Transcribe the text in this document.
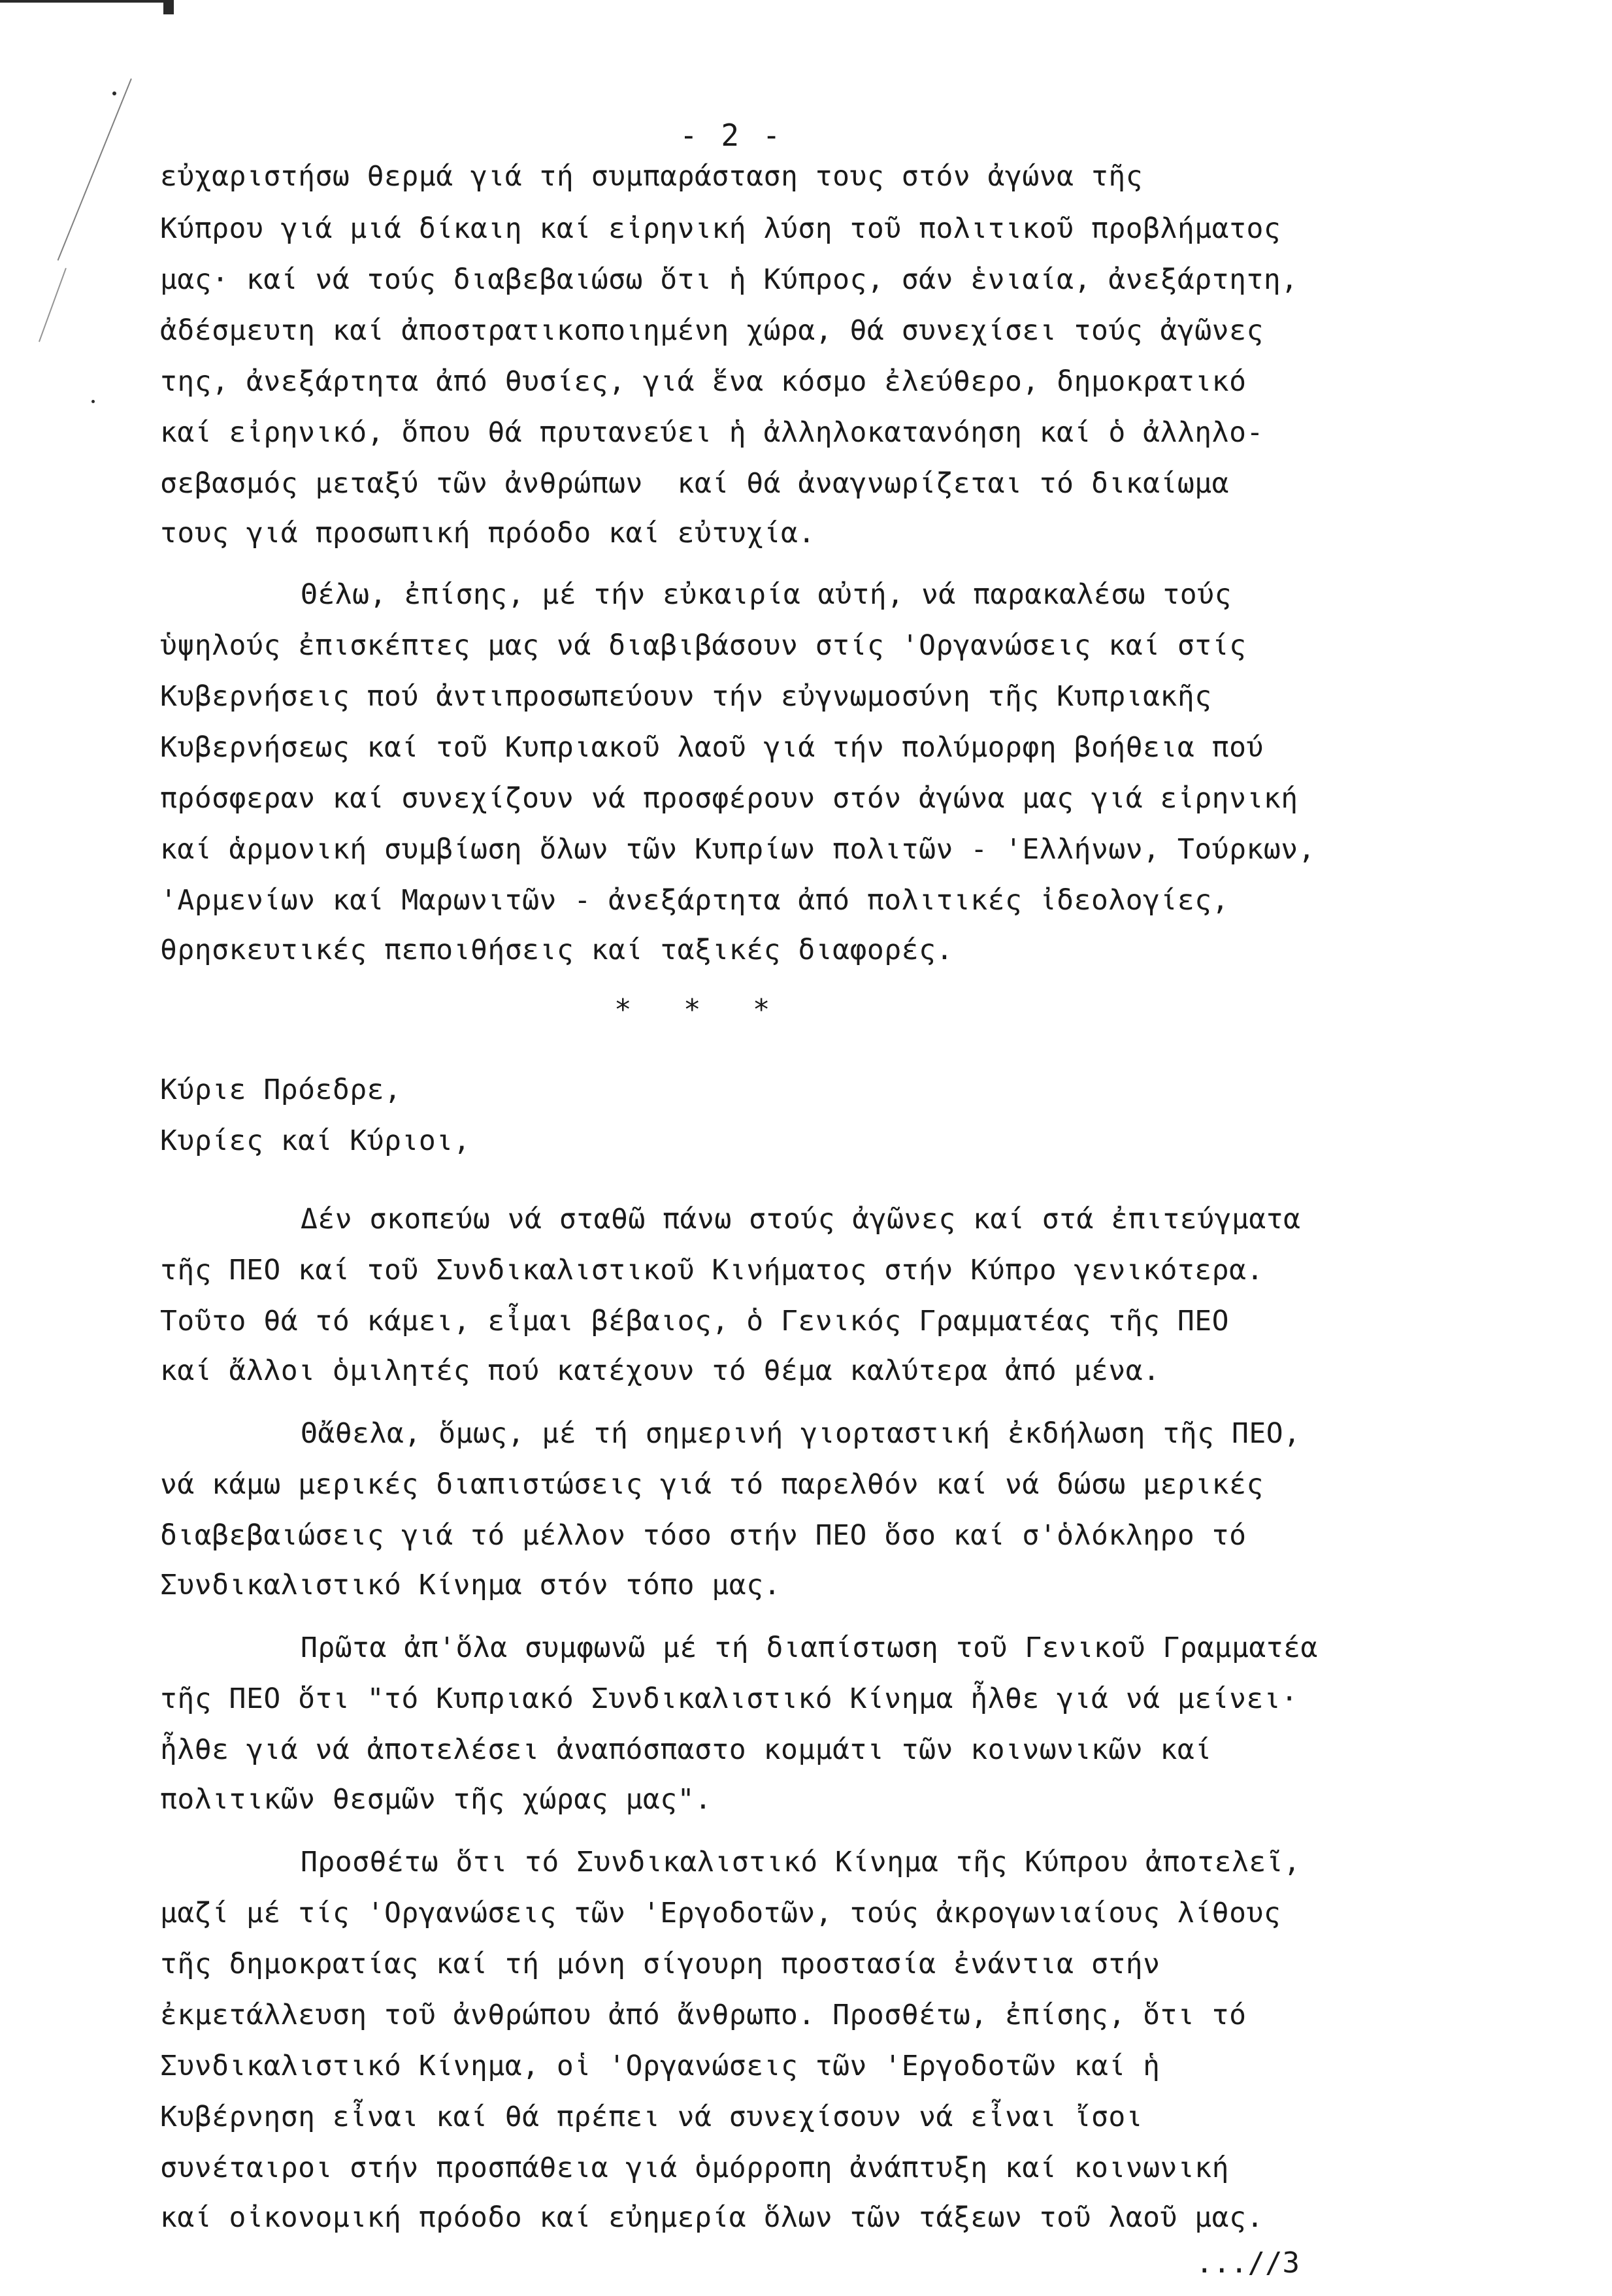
- 2 -
εὐχαριστήσω θερμά γιά τή συμπαράσταση τους στόν ἀγώνα τῆς
Κύπρου γιά μιά δίκαιη καί εἰρηνική λύση τοῦ πολιτικοῦ προβλήματος
μας· καί νά τούς διαβεβαιώσω ὅτι ἡ Κύπρος, σάν ἑνιαία, ἀνεξάρτητη,
ἀδέσμευτη καί ἀποστρατικοποιημένη χώρα, θά συνεχίσει τούς ἀγῶνες
της, ἀνεξάρτητα ἀπό θυσίες, γιά ἕνα κόσμο ἐλεύθερο, δημοκρατικό
καί εἰρηνικό, ὅπου θά πρυτανεύει ἡ ἀλληλοκατανόηση καί ὁ ἀλληλο-
σεβασμός μεταξύ τῶν ἀνθρώπων  καί θά ἀναγνωρίζεται τό δικαίωμα
τους γιά προσωπική πρόοδο καί εὐτυχία.
Θέλω, ἐπίσης, μέ τήν εὐκαιρία αὐτή, νά παρακαλέσω τούς
ὑψηλούς ἐπισκέπτες μας νά διαβιβάσουν στίς 'Οργανώσεις καί στίς
Κυβερνήσεις πού ἀντιπροσωπεύουν τήν εὐγνωμοσύνη τῆς Κυπριακῆς
Κυβερνήσεως καί τοῦ Κυπριακοῦ λαοῦ γιά τήν πολύμορφη βοήθεια πού
πρόσφεραν καί συνεχίζουν νά προσφέρουν στόν ἀγώνα μας γιά εἰρηνική
καί ἁρμονική συμβίωση ὅλων τῶν Κυπρίων πολιτῶν - 'Ελλήνων, Τούρκων,
'Αρμενίων καί Μαρωνιτῶν - ἀνεξάρτητα ἀπό πολιτικές ἰδεολογίες,
θρησκευτικές πεποιθήσεις καί ταξικές διαφορές.
*   *   *
Κύριε Πρόεδρε,
Κυρίες καί Κύριοι,
Δέν σκοπεύω νά σταθῶ πάνω στούς ἀγῶνες καί στά ἐπιτεύγματα
τῆς ΠΕΟ καί τοῦ Συνδικαλιστικοῦ Κινήματος στήν Κύπρο γενικότερα.
Τοῦτο θά τό κάμει, εἶμαι βέβαιος, ὁ Γενικός Γραμματέας τῆς ΠΕΟ
καί ἄλλοι ὁμιλητές πού κατέχουν τό θέμα καλύτερα ἀπό μένα.
Θἄθελα, ὅμως, μέ τή σημερινή γιορταστική ἐκδήλωση τῆς ΠΕΟ,
νά κάμω μερικές διαπιστώσεις γιά τό παρελθόν καί νά δώσω μερικές
διαβεβαιώσεις γιά τό μέλλον τόσο στήν ΠΕΟ ὅσο καί σ'ὁλόκληρο τό
Συνδικαλιστικό Κίνημα στόν τόπο μας.
Πρῶτα ἀπ'ὅλα συμφωνῶ μέ τή διαπίστωση τοῦ Γενικοῦ Γραμματέα
τῆς ΠΕΟ ὅτι "τό Κυπριακό Συνδικαλιστικό Κίνημα ἦλθε γιά νά μείνει·
ἦλθε γιά νά ἀποτελέσει ἀναπόσπαστο κομμάτι τῶν κοινωνικῶν καί
πολιτικῶν θεσμῶν τῆς χώρας μας".
Προσθέτω ὅτι τό Συνδικαλιστικό Κίνημα τῆς Κύπρου ἀποτελεῖ,
μαζί μέ τίς 'Οργανώσεις τῶν 'Εργοδοτῶν, τούς ἀκρογωνιαίους λίθους
τῆς δημοκρατίας καί τή μόνη σίγουρη προστασία ἐνάντια στήν
ἐκμετάλλευση τοῦ ἀνθρώπου ἀπό ἄνθρωπο. Προσθέτω, ἐπίσης, ὅτι τό
Συνδικαλιστικό Κίνημα, οἱ 'Οργανώσεις τῶν 'Εργοδοτῶν καί ἡ
Κυβέρνηση εἶναι καί θά πρέπει νά συνεχίσουν νά εἶναι ἴσοι
συνέταιροι στήν προσπάθεια γιά ὁμόρροπη ἀνάπτυξη καί κοινωνική
καί οἰκονομική πρόοδο καί εὐημερία ὅλων τῶν τάξεων τοῦ λαοῦ μας.
...//3
